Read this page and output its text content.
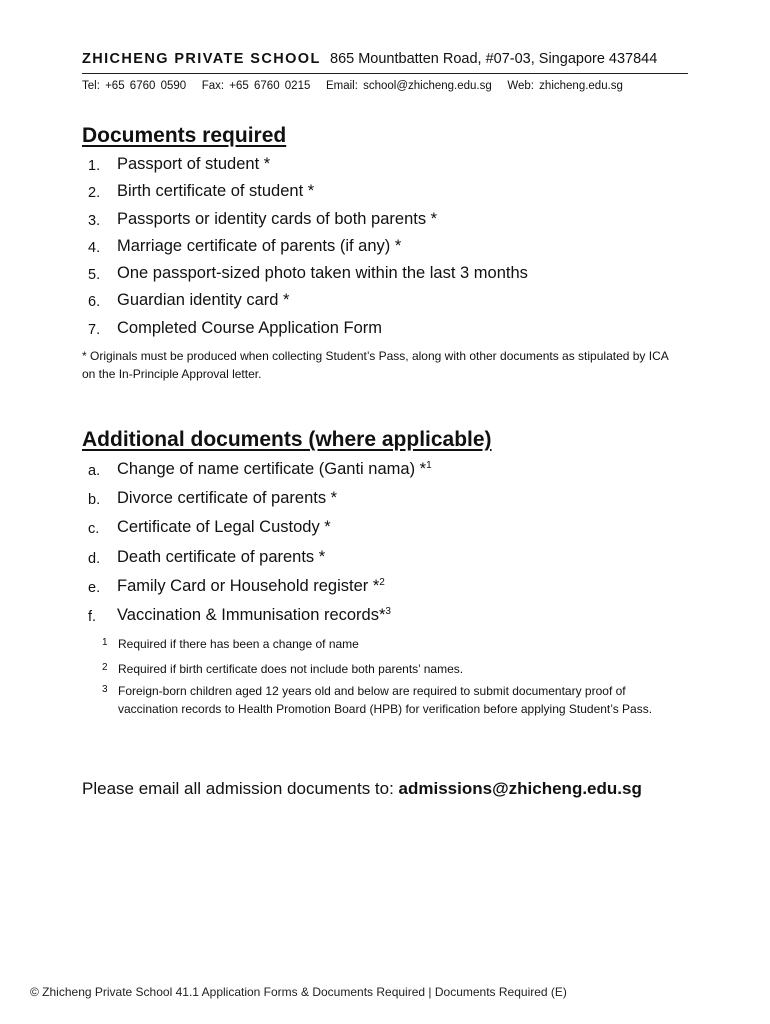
ZHICHENG PRIVATE SCHOOL 865 Mountbatten Road, #07-03, Singapore 437844
Tel: +65 6760 0590   Fax: +65 6760 0215   Email: school@zhicheng.edu.sg   Web: zhicheng.edu.sg
Documents required
1.	Passport of student *
2.	Birth certificate of student *
3.	Passports or identity cards of both parents *
4.	Marriage certificate of parents (if any) *
5.	One passport-sized photo taken within the last 3 months
6.	Guardian identity card *
7.	Completed Course Application Form
* Originals must be produced when collecting Student’s Pass, along with other documents as stipulated by ICA on the In-Principle Approval letter.
Additional documents (where applicable)
a.	Change of name certificate (Ganti nama) *$^1$
b.	Divorce certificate of parents *
c.	Certificate of Legal Custody *
d.	Death certificate of parents *
e.	Family Card or Household register *$^2$
f.	Vaccination & Immunisation records*$^3$
1 Required if there has been a change of name
2 Required if birth certificate does not include both parents’ names.
3 Foreign-born children aged 12 years old and below are required to submit documentary proof of vaccination records to Health Promotion Board (HPB) for verification before applying Student’s Pass.
Please email all admission documents to: admissions@zhicheng.edu.sg
© Zhicheng Private School 41.1 Application Forms & Documents Required | Documents Required (E)
